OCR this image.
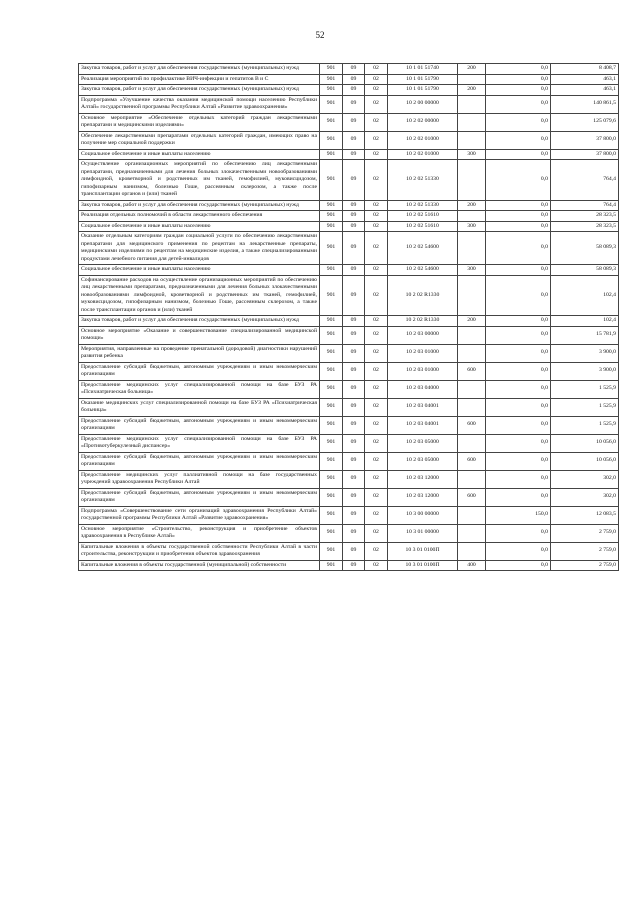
52
Закупка товаров, работ и услуг для обеспечения государственных (муниципальных) нужд	901	09	02	10 1 01 51740	200	0,0	8 408,7
Реализация мероприятий по профилактике ВИЧ-инфекции и гепатитов В и С	901	09	02	10 1 01 51790		0,0	463,1
Закупка товаров, работ и услуг для обеспечения государственных (муниципальных) нужд	901	09	02	10 1 01 51790	200	0,0	463,1
Подпрограмма «Улучшение качества оказания медицинской помощи населению Республики Алтай» государственной программы Республики Алтай «Развитие здравоохранения»	901	09	02	10 2 00 00000		0,0	140 861,5
Основное мероприятие «Обеспечение отдельных категорий граждан лекарственными препаратами и медицинскими изделиями»	901	09	02	10 2 02 00000		0,0	125 079,6
Обеспечение лекарственными препаратами отдельных категорий граждан, имеющих право на получение мер социальной поддержки	901	09	02	10 2 02 01000		0,0	37 800,0
Социальное обеспечение и иные выплаты населению	901	09	02	10 2 02 01000	300	0,0	37 800,0
Осуществление организационных мероприятий по обеспечению лиц лекарственными препаратами, предназначенными для лечения больных злокачественными новообразованиями лимфоидной, кроветворной и родственных им тканей, гемофилией, муковисцидозом, гипофизарным нанизмом, болезнью Гоше, рассеянным склерозом, а также после трансплантации органов и (или) тканей	901	09	02	10 2 02 51330		0,0	764,4
Закупка товаров, работ и услуг для обеспечения государственных (муниципальных) нужд	901	09	02	10 2 02 51330	200	0,0	764,4
Реализация отдельных полномочий в области лекарственного обеспечения	901	09	02	10 2 02 51610		0,0	28 323,5
Социальное обеспечение и иные выплаты населению	901	09	02	10 2 02 51610	300	0,0	28 323,5
Оказание отдельным категориям граждан социальной услуги по обеспечению лекарственными препаратами для медицинского применения по рецептам на лекарственные препараты, медицинскими изделиями по рецептам на медицинские изделия, а также специализированными продуктами лечебного питания для детей-инвалидов	901	09	02	10 2 02 54600		0,0	58 089,3
Социальное обеспечение и иные выплаты населению	901	09	02	10 2 02 54600	300	0,0	58 089,3
Софинансирование расходов на осуществление организационных мероприятий по обеспечению лиц лекарственными препаратами, предназначенными для лечения больных злокачественными новообразованиями лимфоидной, кроветворной и родственных им тканей, гемофилией, муковисцидозом, гипофизарным нанизмом, болезнью Гоше, рассеянным склерозом, а также после трансплантации органов и (или) тканей	901	09	02	10 2 02 R1330		0,0	102,4
Закупка товаров, работ и услуг для обеспечения государственных (муниципальных) нужд	901	09	02	10 2 02 R1330	200	0,0	102,4
Основное мероприятие «Оказание и совершенствование специализированной медицинской помощи»	901	09	02	10 2 03 00000		0,0	15 781,9
Мероприятия, направленные на проведение пренатальной (дородовой) диагностики нарушений развития ребенка	901	09	02	10 2 03 01000		0,0	3 900,0
Предоставление субсидий бюджетным, автономным учреждениям и иным некоммерческим организациям	901	09	02	10 2 03 01000	600	0,0	3 900,0
Предоставление медицинских услуг специализированной помощи на базе БУЗ РА «Психиатрическая больница»	901	09	02	10 2 03 04000		0,0	1 525,9
Оказание медицинских услуг специализированной помощи на базе БУЗ РА «Психиатрическая больница»	901	09	02	10 2 03 04001		0,0	1 525,9
Предоставление субсидий бюджетным, автономным учреждениям и иным некоммерческим организациям	901	09	02	10 2 03 04001	600	0,0	1 525,9
Предоставление медицинских услуг специализированной помощи на базе БУЗ РА «Противотуберкулезный диспансер»	901	09	02	10 2 03 05000		0,0	10 056,0
Предоставление субсидий бюджетным, автономным учреждениям и иным некоммерческим организациям	901	09	02	10 2 03 05000	600	0,0	10 056,0
Предоставление медицинских услуг паллиативной помощи на базе государственных учреждений здравоохранения Республики Алтай	901	09	02	10 2 03 12000		0,0	302,0
Предоставление субсидий бюджетным, автономным учреждениям и иным некоммерческим организациям	901	09	02	10 2 03 12000	600	0,0	302,0
Подпрограмма «Совершенствование сети организаций здравоохранения Республики Алтай» государственной программы Республики Алтай «Развитие здравоохранения»	901	09	02	10 3 00 00000		150,0	12 083,5
Основное мероприятие «Строительство, реконструкция и приобретение объектов здравоохранения в Республике Алтай»	901	09	02	10 3 01 00000		0,0	2 759,0
Капитальные вложения в объекты государственной собственности Республики Алтай в части строительства, реконструкции и приобретения объектов здравоохранения	901	09	02	10 3 01 0100П		0,0	2 759,0
Капитальные вложения в объекты государственной (муниципальной) собственности	901	09	02	10 3 01 0100П	400	0,0	2 759,0
